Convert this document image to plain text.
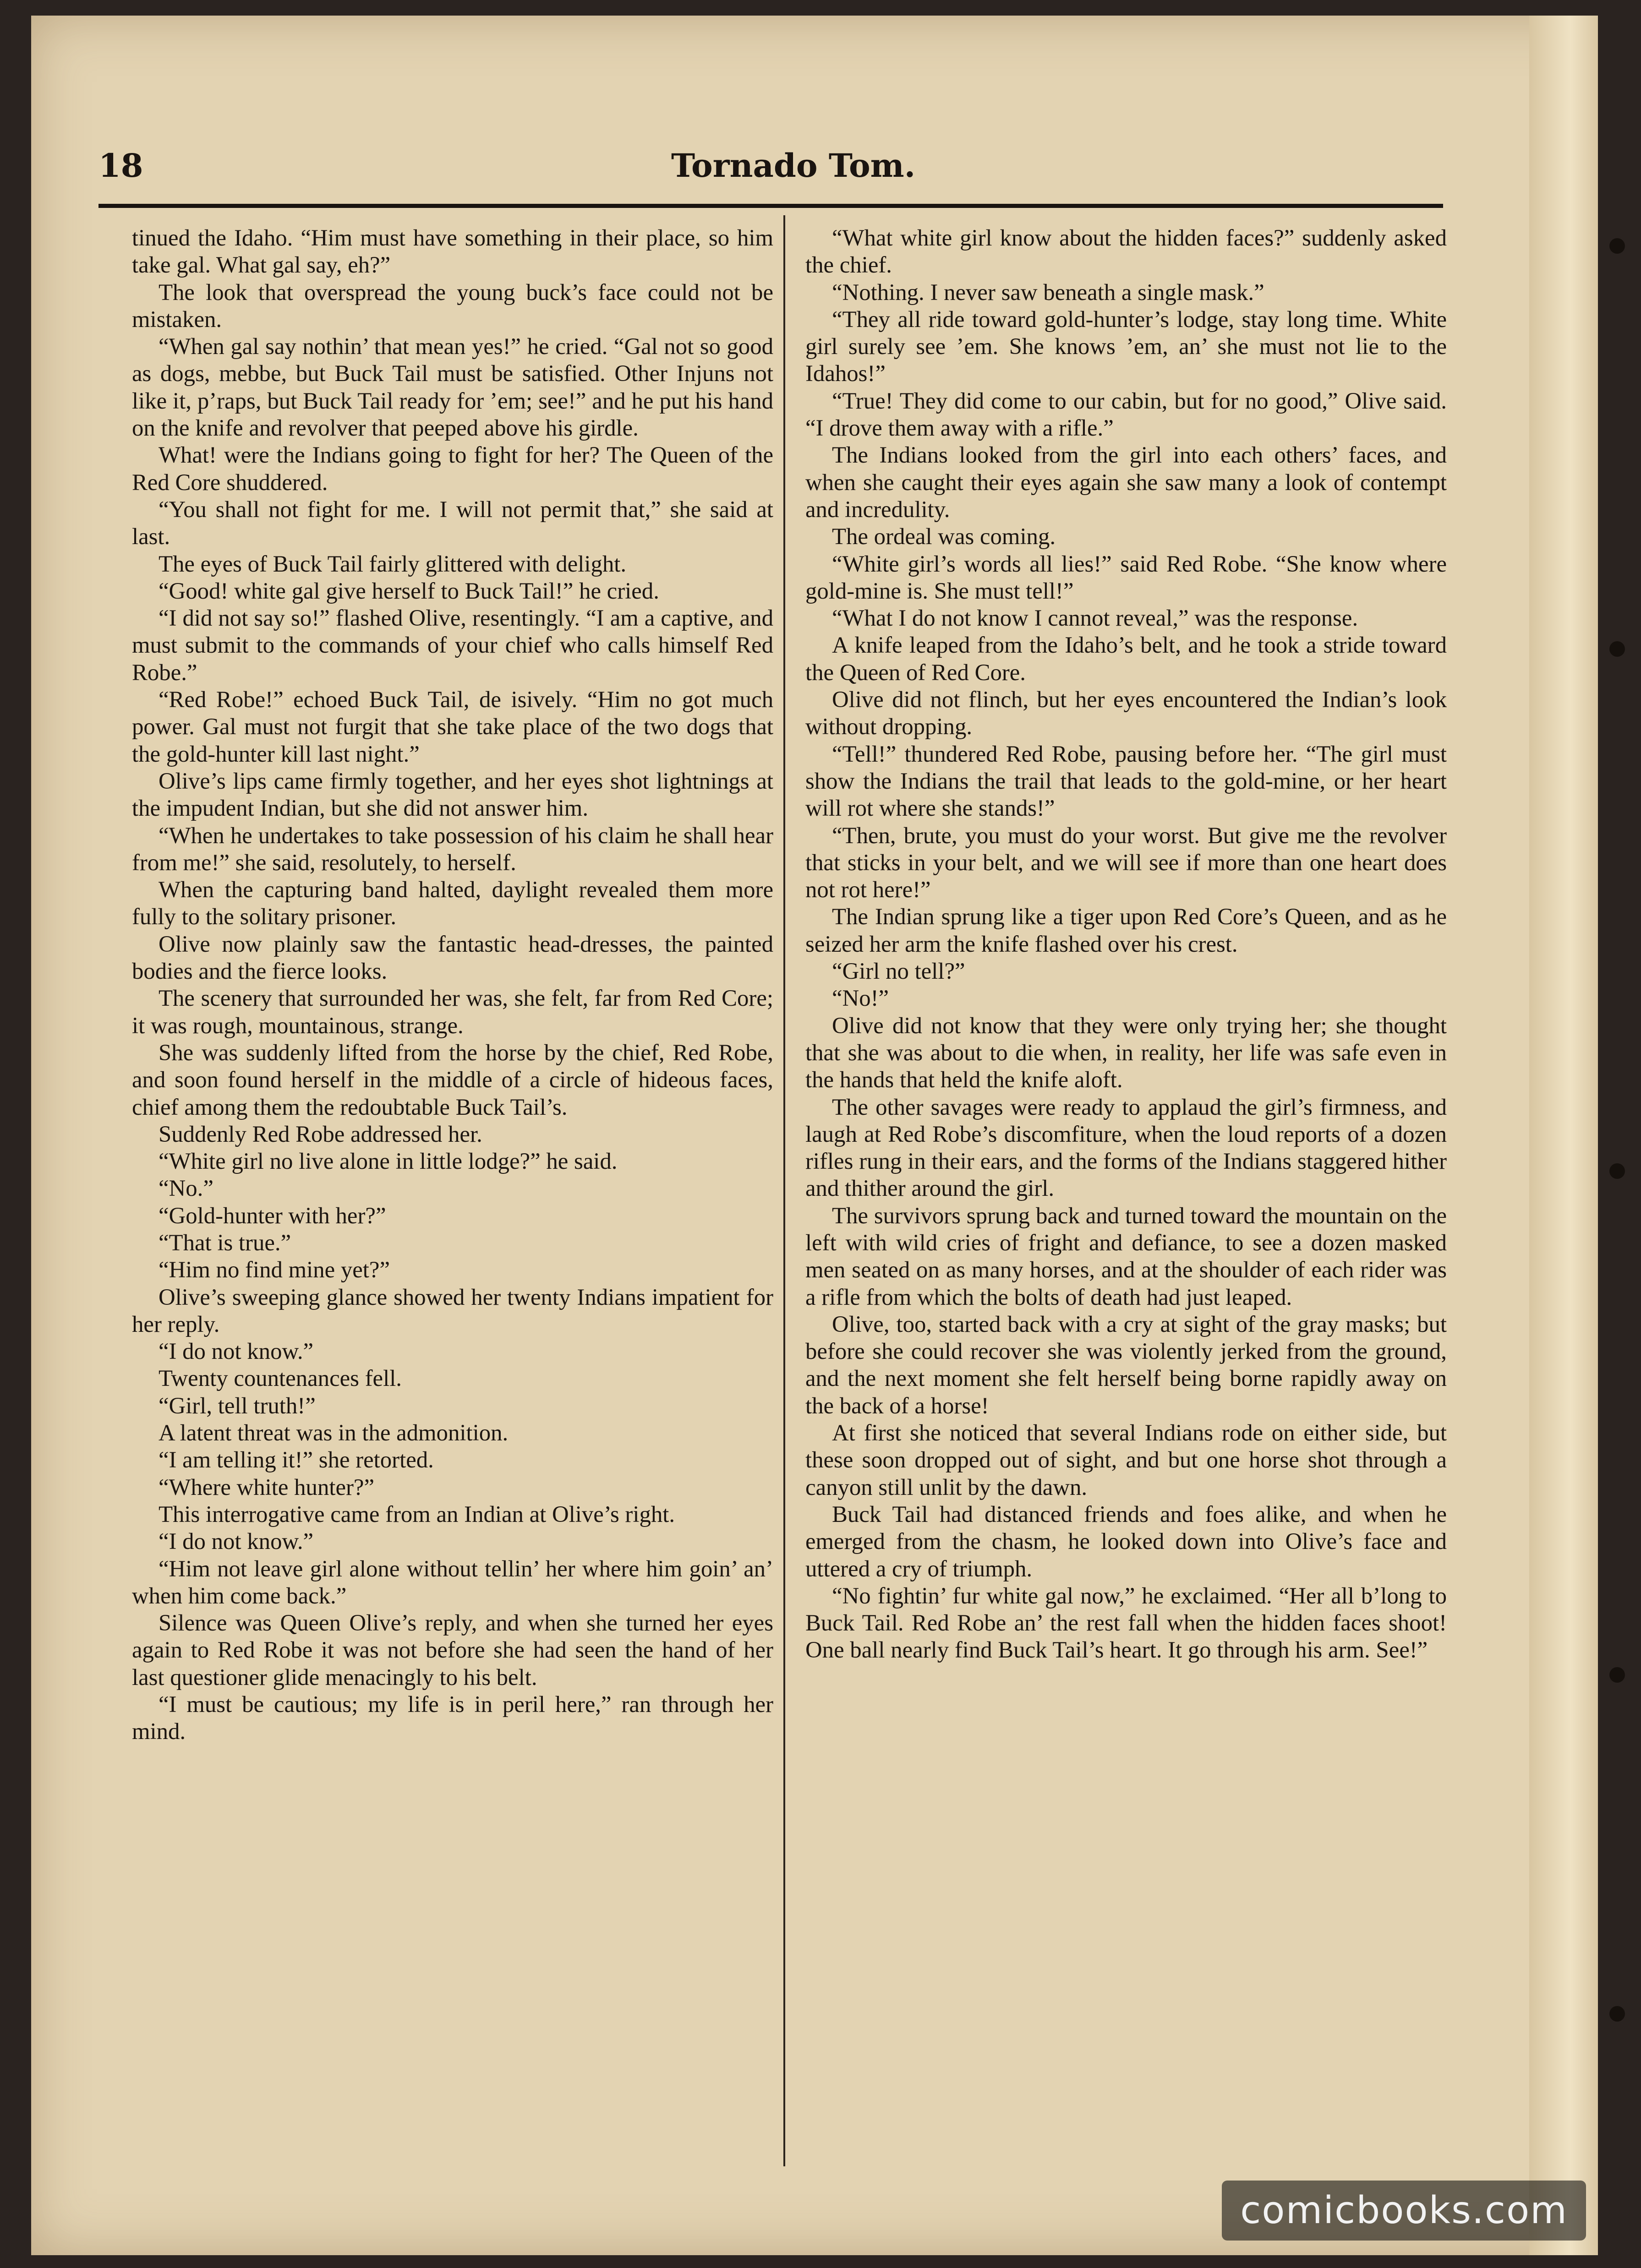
18	Tornado Tom.

tinued the Idaho. “Him must have something in their place, so him take gal. What gal say, eh?”

The look that overspread the young buck’s face could not be mistaken.

“When gal say nothin’ that mean yes!” he cried. “Gal not so good as dogs, mebbe, but Buck Tail must be satisfied. Other Injuns not like it, p’raps, but Buck Tail ready for ’em; see!” and he put his hand on the knife and revolver that peeped above his girdle.

What! were the Indians going to fight for her? The Queen of the Red Core shuddered.

“You shall not fight for me. I will not permit that,” she said at last.

The eyes of Buck Tail fairly glittered with delight.

“Good! white gal give herself to Buck Tail!” he cried.

“I did not say so!” flashed Olive, resentingly. “I am a captive, and must submit to the commands of your chief who calls himself Red Robe.”

“Red Robe!” echoed Buck Tail, de isively. “Him no got much power. Gal must not furgit that she take place of the two dogs that the gold-hunter kill last night.”

Olive’s lips came firmly together, and her eyes shot lightnings at the impudent Indian, but she did not answer him.

“When he undertakes to take possession of his claim he shall hear from me!” she said, resolutely, to herself.

When the capturing band halted, daylight revealed them more fully to the solitary prisoner.

Olive now plainly saw the fantastic head-dresses, the painted bodies and the fierce looks.

The scenery that surrounded her was, she felt, far from Red Core; it was rough, mountainous, strange.

She was suddenly lifted from the horse by the chief, Red Robe, and soon found herself in the middle of a circle of hideous faces, chief among them the redoubtable Buck Tail’s.

Suddenly Red Robe addressed her.

“White girl no live alone in little lodge?” he said.

“No.”

“Gold-hunter with her?”

“That is true.”

“Him no find mine yet?”

Olive’s sweeping glance showed her twenty Indians impatient for her reply.

“I do not know.”

Twenty countenances fell.

“Girl, tell truth!”

A latent threat was in the admonition.

“I am telling it!” she retorted.

“Where white hunter?”

This interrogative came from an Indian at Olive’s right.

“I do not know.”

“Him not leave girl alone without tellin’ her where him goin’ an’ when him come back.”

Silence was Queen Olive’s reply, and when she turned her eyes again to Red Robe it was not before she had seen the hand of her last questioner glide menacingly to his belt.

“I must be cautious; my life is in peril here,” ran through her mind.

“What white girl know about the hidden faces?” suddenly asked the chief.

“Nothing. I never saw beneath a single mask.”

“They all ride toward gold-hunter’s lodge, stay long time. White girl surely see ’em. She knows ’em, an’ she must not lie to the Idahos!”

“True! They did come to our cabin, but for no good,” Olive said. “I drove them away with a rifle.”

The Indians looked from the girl into each others’ faces, and when she caught their eyes again she saw many a look of contempt and incredulity.

The ordeal was coming.

“White girl’s words all lies!” said Red Robe. “She know where gold-mine is. She must tell!”

“What I do not know I cannot reveal,” was the response.

A knife leaped from the Idaho’s belt, and he took a stride toward the Queen of Red Core.

Olive did not flinch, but her eyes encountered the Indian’s look without dropping.

“Tell!” thundered Red Robe, pausing before her. “The girl must show the Indians the trail that leads to the gold-mine, or her heart will rot where she stands!”

“Then, brute, you must do your worst. But give me the revolver that sticks in your belt, and we will see if more than one heart does not rot here!”

The Indian sprung like a tiger upon Red Core’s Queen, and as he seized her arm the knife flashed over his crest.

“Girl no tell?”

“No!”

Olive did not know that they were only trying her; she thought that she was about to die when, in reality, her life was safe even in the hands that held the knife aloft.

The other savages were ready to applaud the girl’s firmness, and laugh at Red Robe’s discomfiture, when the loud reports of a dozen rifles rung in their ears, and the forms of the Indians staggered hither and thither around the girl.

The survivors sprung back and turned toward the mountain on the left with wild cries of fright and defiance, to see a dozen masked men seated on as many horses, and at the shoulder of each rider was a rifle from which the bolts of death had just leaped.

Olive, too, started back with a cry at sight of the gray masks; but before she could recover she was violently jerked from the ground, and the next moment she felt herself being borne rapidly away on the back of a horse!

At first she noticed that several Indians rode on either side, but these soon dropped out of sight, and but one horse shot through a canyon still unlit by the dawn.

Buck Tail had distanced friends and foes alike, and when he emerged from the chasm, he looked down into Olive’s face and uttered a cry of triumph.

“No fightin’ fur white gal now,” he exclaimed. “Her all b’long to Buck Tail. Red Robe an’ the rest fall when the hidden faces shoot! One ball nearly find Buck Tail’s heart. It go through his arm. See!”

comicbooks.com
